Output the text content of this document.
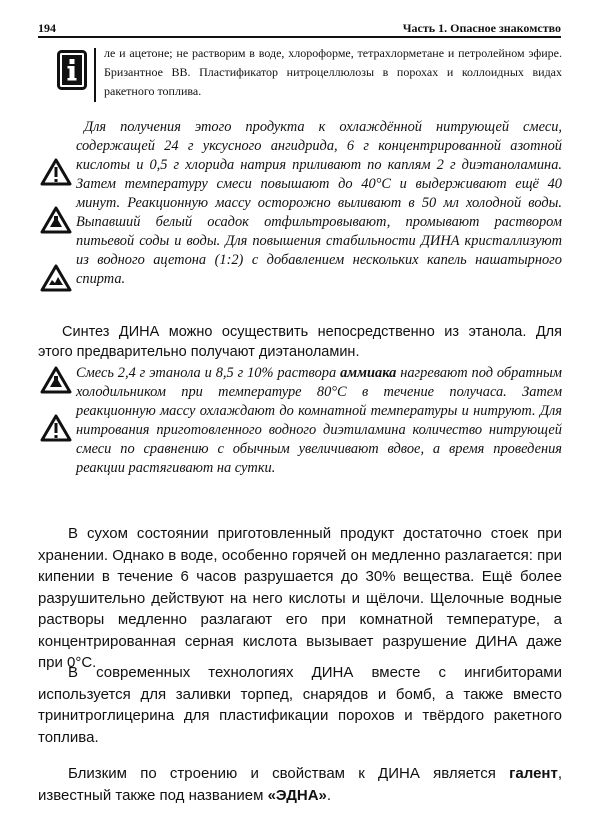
194	Часть 1. Опасное знакомство

ле и ацетоне; не растворим в воде, хлороформе, тетрахлорметане и петролейном эфире. Бризантное ВВ. Пластификатор нитроцеллюлозы в порохах и коллоидных видах ракетного топлива.

Для получения этого продукта к охлаждённой нитрующей смеси, содержащей 24 г уксусного ангидрида, 6 г концентрированной азотной кислоты и 0,5 г хлорида натрия приливают по каплям 2 г диэтаноламина. Затем температуру смеси повышают до 40°С и выдерживают ещё 40 минут. Реакционную массу осторожно выливают в 50 мл холодной воды. Выпавший белый осадок отфильтровывают, промывают раствором питьевой соды и воды. Для повышения стабильности ДИНА кристаллизуют из водного ацетона (1:2) с добавлением нескольких капель нашатырного спирта.

Синтез ДИНА можно осуществить непосредственно из этанола. Для этого предварительно получают диэтаноламин.

Смесь 2,4 г этанола и 8,5 г 10% раствора аммиака нагревают под обратным холодильником при температуре 80°С в течение получаса. Затем реакционную массу охлаждают до комнатной температуры и нитруют. Для нитрования приготовленного водного диэтиламина количество нитрующей смеси по сравнению с обычным увеличивают вдвое, а время проведения реакции растягивают на сутки.

В сухом состоянии приготовленный продукт достаточно стоек при хранении. Однако в воде, особенно горячей он медленно разлагается: при кипении в течение 6 часов разрушается до 30% вещества. Ещё более разрушительно действуют на него кислоты и щёлочи. Щелочные водные растворы медленно разлагают его при комнатной температуре, а концентрированная серная кислота вызывает разрушение ДИНА даже при 0°С.

В современных технологиях ДИНА вместе с ингибиторами используется для заливки торпед, снарядов и бомб, а также вместо тринитроглицерина для пластификации порохов и твёрдого ракетного топлива.

Близким по строению и свойствам к ДИНА является галент, известный также под названием «ЭДНА».
